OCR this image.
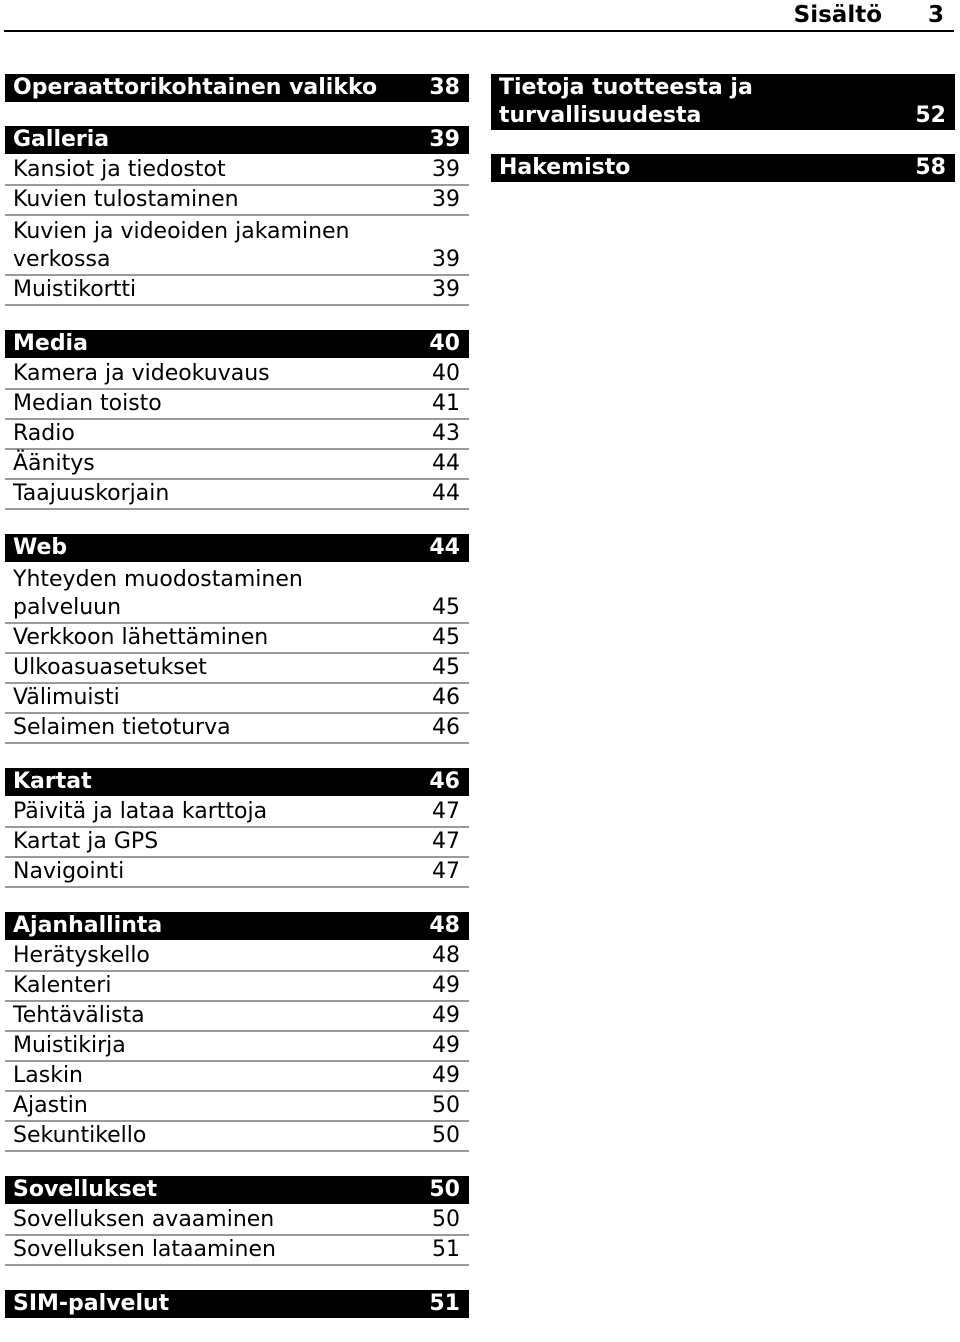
Sisältö 3
Operaattorikohtainen valikko 38
Galleria	39
Kansiot ja tiedostot	39
Kuvien tulostaminen	39
Kuvien ja videoiden jakaminen verkossa	39
Muistikortti	39
Media	40
Kamera ja videokuvaus	40
Median toisto	41
Radio	43
Äänitys	44
Taajuuskorjain	44
Web	44
Yhteyden muodostaminen palveluun	45
Verkkoon lähettäminen	45
Ulkoasuasetukset	45
Välimuisti	46
Selaimen tietoturva	46
Kartat	46
Päivitä ja lataa karttoja	47
Kartat ja GPS	47
Navigointi	47
Ajanhallinta	48
Herätyskello	48
Kalenteri	49
Tehtävälista	49
Muistikirja	49
Laskin	49
Ajastin	50
Sekuntikello	50
Sovellukset	50
Sovelluksen avaaminen	50
Sovelluksen lataaminen	51
SIM-palvelut	51
Tietoja tuotteesta ja turvallisuudesta	52
Hakemisto	58
